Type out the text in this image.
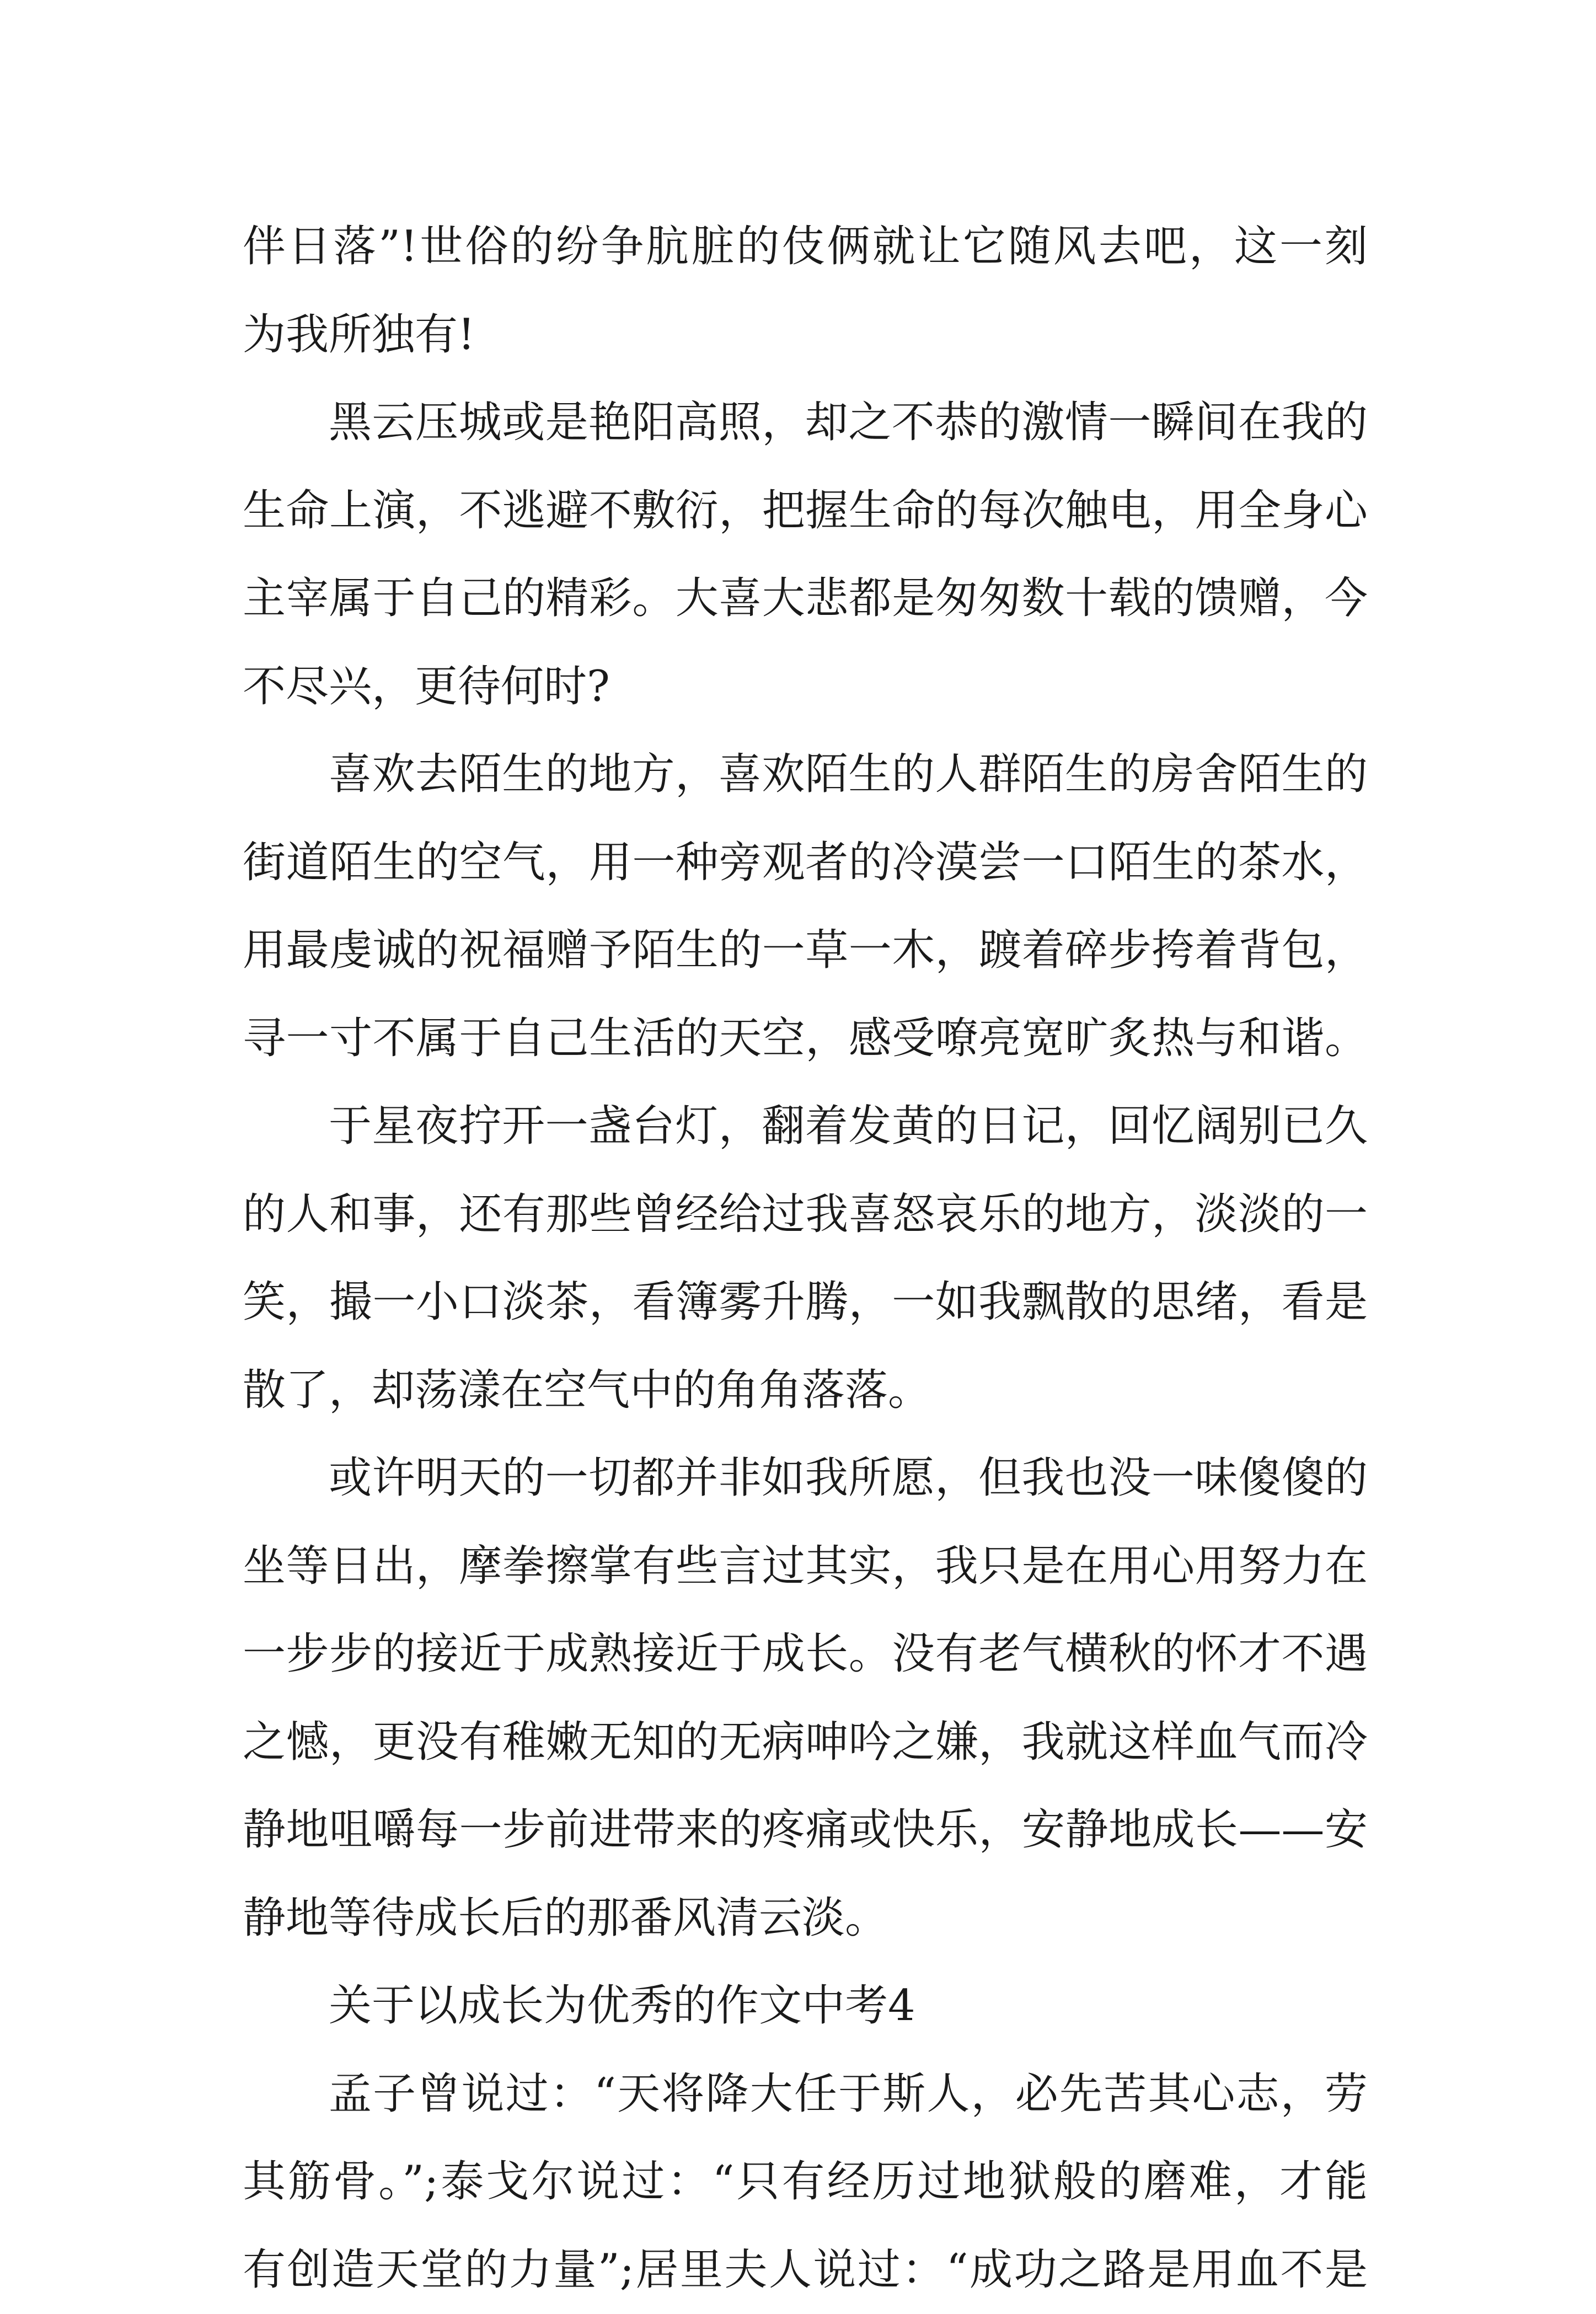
伴日落”!世俗的纷争肮脏的伎俩就让它随风去吧，这一刻
为我所独有!
黑云压城或是艳阳高照，却之不恭的激情一瞬间在我的
生命上演，不逃避不敷衍，把握生命的每次触电，用全身心
主宰属于自己的精彩。大喜大悲都是匆匆数十载的馈赠，今
不尽兴，更待何时?
喜欢去陌生的地方，喜欢陌生的人群陌生的房舍陌生的
街道陌生的空气，用一种旁观者的冷漠尝一口陌生的茶水，
用最虔诚的祝福赠予陌生的一草一木，踱着碎步挎着背包，
寻一寸不属于自己生活的天空，感受嘹亮宽旷炙热与和谐。
于星夜拧开一盏台灯，翻着发黄的日记，回忆阔别已久
的人和事，还有那些曾经给过我喜怒哀乐的地方，淡淡的一
笑，撮一小口淡茶，看簿雾升腾，一如我飘散的思绪，看是
散了，却荡漾在空气中的角角落落。
或许明天的一切都并非如我所愿，但我也没一味傻傻的
坐等日出，摩拳擦掌有些言过其实，我只是在用心用努力在
一步步的接近于成熟接近于成长。没有老气横秋的怀才不遇
之憾，更没有稚嫩无知的无病呻吟之嫌，我就这样血气而冷
静地咀嚼每一步前进带来的疼痛或快乐，安静地成长——安
静地等待成长后的那番风清云淡。
关于以成长为优秀的作文中考4
孟子曾说过：“天将降大任于斯人，必先苦其心志，劳
其筋骨。”;泰戈尔说过：“只有经历过地狱般的磨难，才能
有创造天堂的力量”;居里夫人说过：“成功之路是用血不是
